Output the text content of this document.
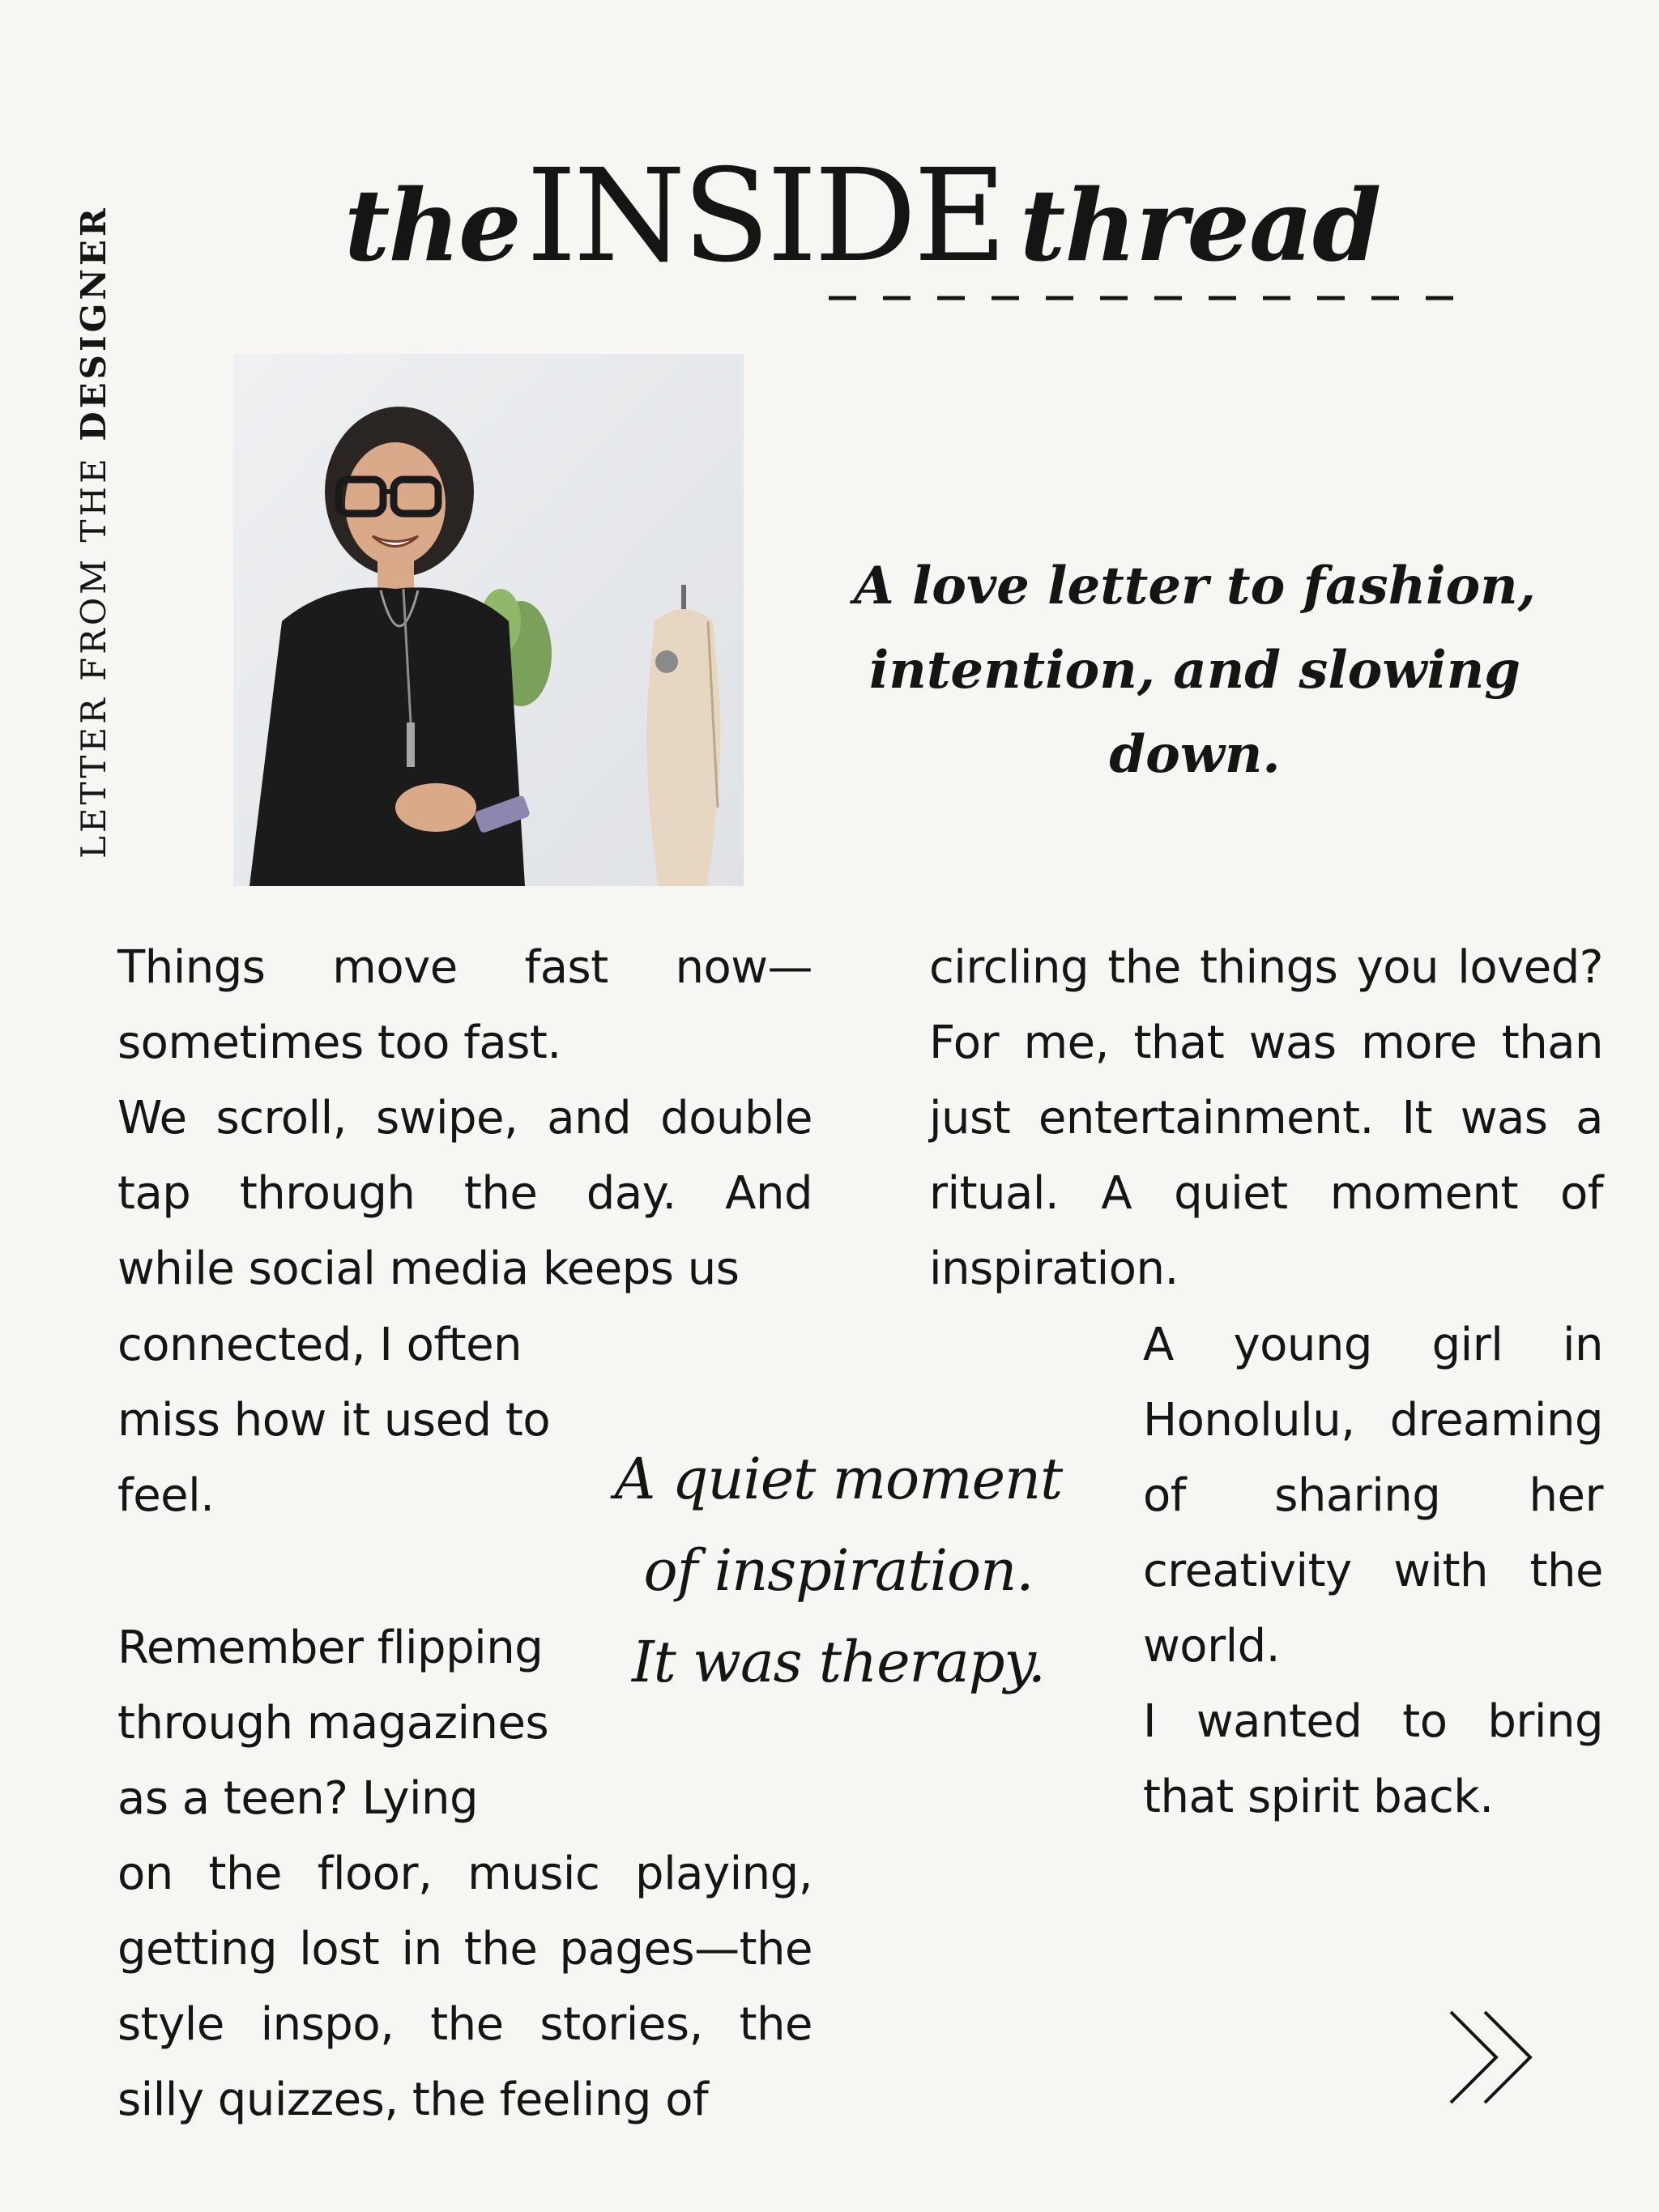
LETTER FROM THE DESIGNER theINSIDE thread
A love letter to fashion,
intention, and slowing down.
Things move fast now—
sometimes too fast.
We scroll, swipe, and double
tap through the day. And
while social media keeps us
connected, I often
miss how it used to
feel.
Remember flipping
through magazines
as a teen? Lying
on the floor, music playing,
getting lost in the pages—the
style inspo, the stories, the
silly quizzes, the feeling of
circling the things you loved?
For me, that was more than
just entertainment. It was a
ritual. A quiet moment of
inspiration.
A young girl in
Honolulu, dreaming
of sharing her
creativity with the
world.
I wanted to bring
that spirit back.
A quiet moment
of inspiration.
It was therapy.
